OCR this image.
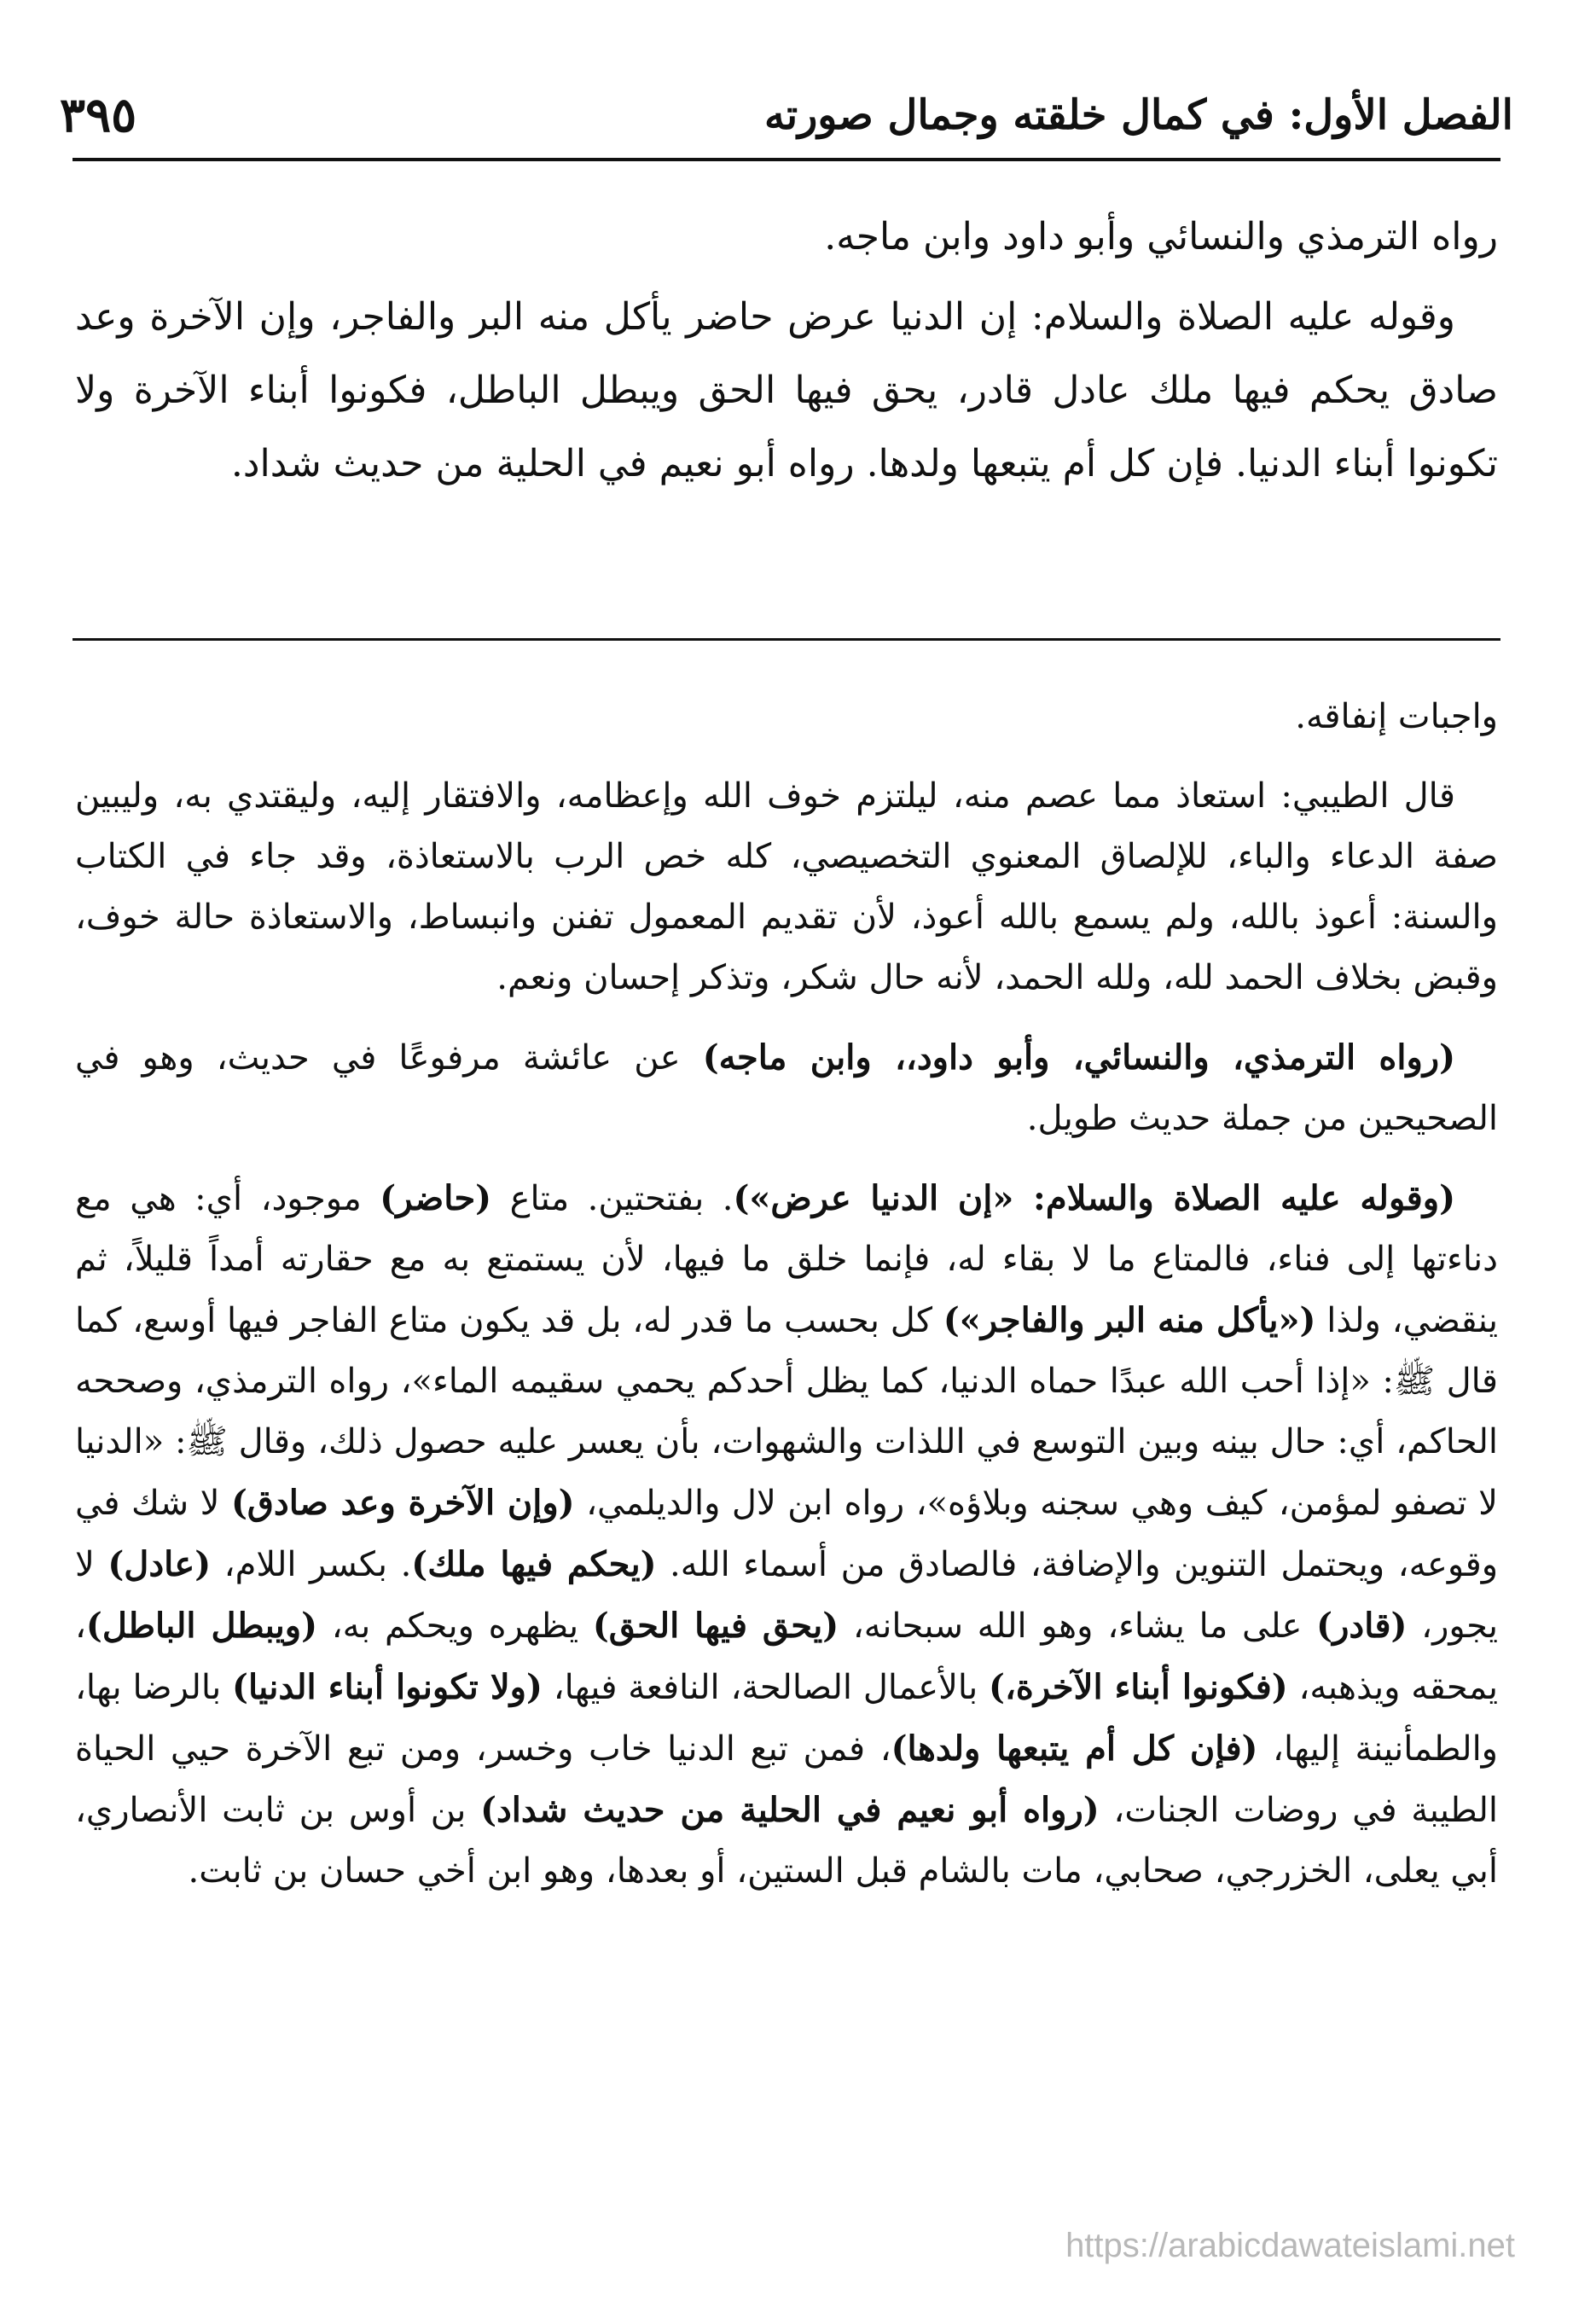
الفصل الأول: في كمال خلقته وجمال صورته
٣٩٥

رواه الترمذي والنسائي وأبو داود وابن ماجه.

وقوله عليه الصلاة والسلام: إن الدنيا عرض حاضر يأكل منه البر والفاجر، وإن الآخرة وعد صادق يحكم فيها ملك عادل قادر، يحق فيها الحق ويبطل الباطل، فكونوا أبناء الآخرة ولا تكونوا أبناء الدنيا. فإن كل أم يتبعها ولدها. رواه أبو نعيم في الحلية من حديث شداد.

واجبات إنفاقه.

قال الطيبي: استعاذ مما عصم منه، ليلتزم خوف الله وإعظامه، والافتقار إليه، وليقتدي به، وليبين صفة الدعاء والباء، للإلصاق المعنوي التخصيصي، كله خص الرب بالاستعاذة، وقد جاء في الكتاب والسنة: أعوذ بالله، ولم يسمع بالله أعوذ، لأن تقديم المعمول تفنن وانبساط، والاستعاذة حالة خوف، وقبض بخلاف الحمد لله، ولله الحمد، لأنه حال شكر، وتذكر إحسان ونعم.

(رواه الترمذي، والنسائي، وأبو داود،، وابن ماجه) عن عائشة مرفوعًا في حديث، وهو في الصحيحين من جملة حديث طويل.

(وقوله عليه الصلاة والسلام: «إن الدنيا عرض»). بفتحتين. متاع (حاضر) موجود، أي: هي مع دناءتها إلى فناء، فالمتاع ما لا بقاء له، فإنما خلق ما فيها، لأن يستمتع به مع حقارته أمداً قليلاً، ثم ينقضي، ولذا («يأكل منه البر والفاجر») كل بحسب ما قدر له، بل قد يكون متاع الفاجر فيها أوسع، كما قال ﷺ: «إذا أحب الله عبدًا حماه الدنيا، كما يظل أحدكم يحمي سقيمه الماء»، رواه الترمذي، وصححه الحاكم، أي: حال بينه وبين التوسع في اللذات والشهوات، بأن يعسر عليه حصول ذلك، وقال ﷺ: «الدنيا لا تصفو لمؤمن، كيف وهي سجنه وبلاؤه»، رواه ابن لال والديلمي، (وإن الآخرة وعد صادق) لا شك في وقوعه، ويحتمل التنوين والإضافة، فالصادق من أسماء الله. (يحكم فيها ملك). بكسر اللام، (عادل) لا يجور، (قادر) على ما يشاء، وهو الله سبحانه، (يحق فيها الحق) يظهره ويحكم به، (ويبطل الباطل)، يمحقه ويذهبه، (فكونوا أبناء الآخرة،) بالأعمال الصالحة، النافعة فيها، (ولا تكونوا أبناء الدنيا) بالرضا بها، والطمأنينة إليها، (فإن كل أم يتبعها ولدها)، فمن تبع الدنيا خاب وخسر، ومن تبع الآخرة حيي الحياة الطيبة في روضات الجنات، (رواه أبو نعيم في الحلية من حديث شداد) بن أوس بن ثابت الأنصاري، أبي يعلى، الخزرجي، صحابي، مات بالشام قبل الستين، أو بعدها، وهو ابن أخي حسان بن ثابت.

https://arabicdawateislami.net
